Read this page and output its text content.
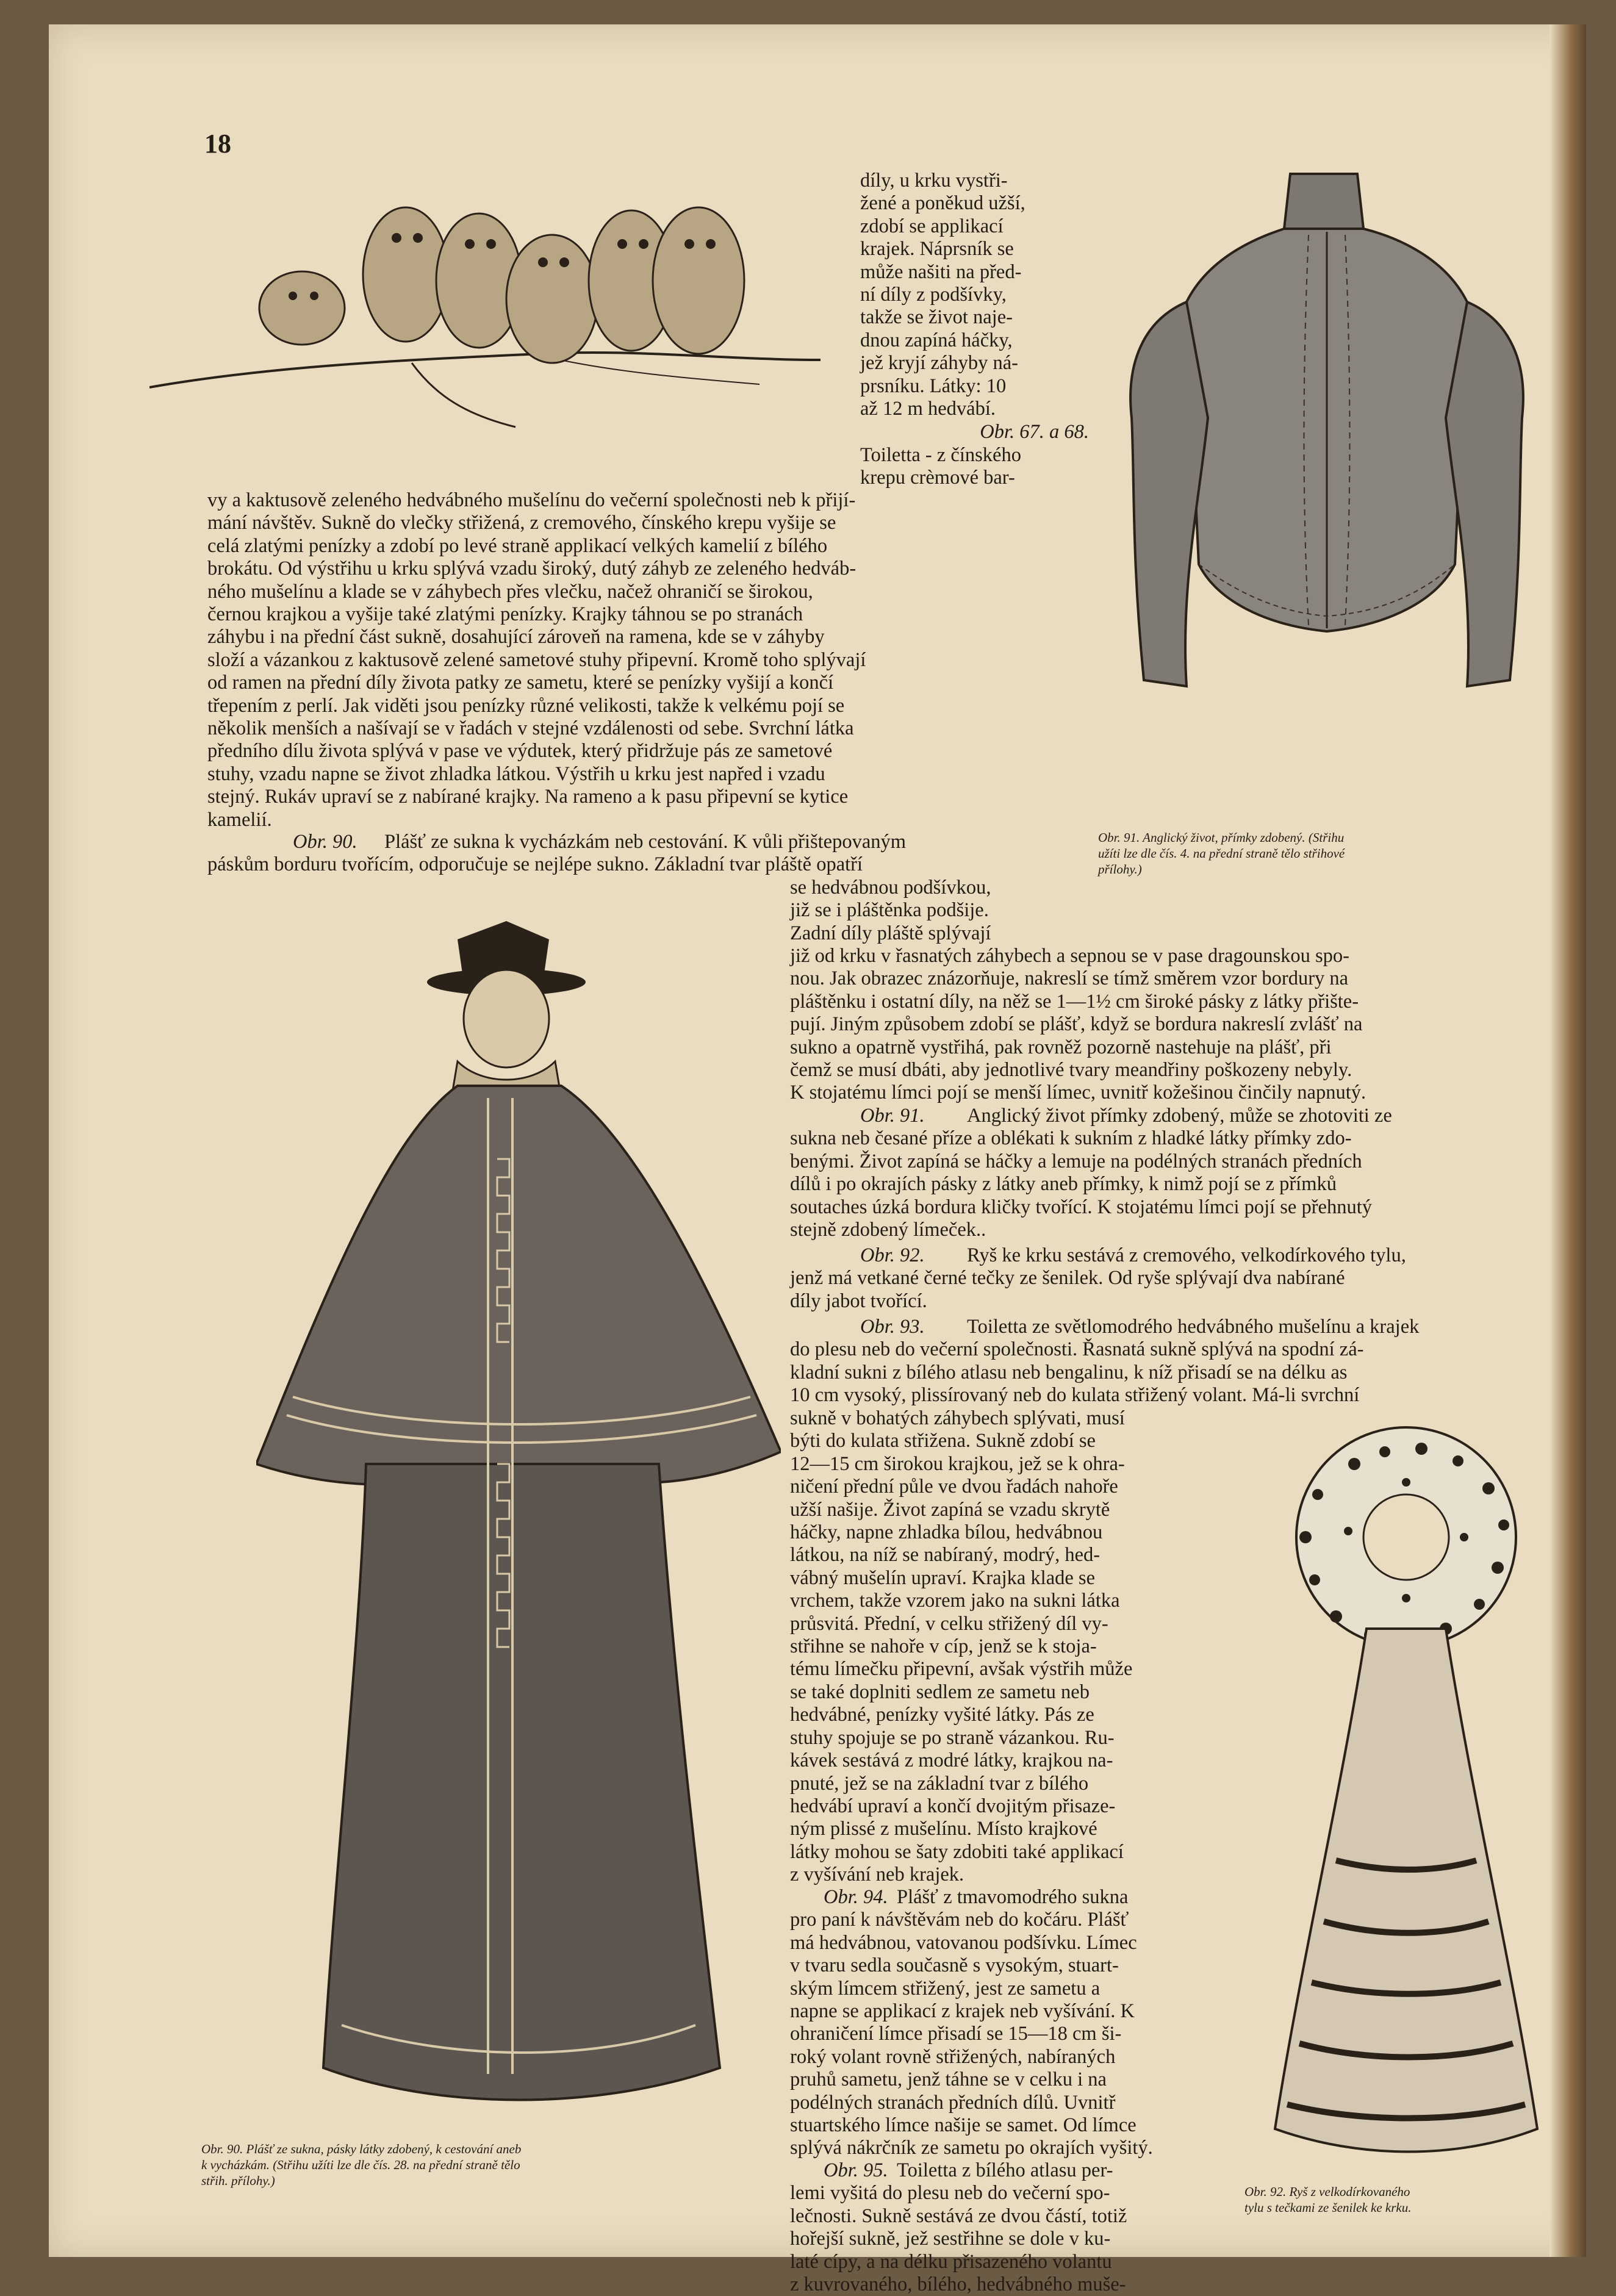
18
díly, u krku vystři-
žené a poněkud užší,
zdobí se applikací
krajek. Náprsník se
může našiti na před-
ní díly z podšívky,
takže se život naje-
dnou zapíná háčky,
jež kryjí záhyby ná-
prsníku. Látky: 10
až 12 m hedvábí.
Obr. 67. a 68.
Toiletta - z čínského
krepu crèmové bar-
Obr. 91. Anglický život, přímky zdobený. (Střihu
užíti lze dle čís. 4. na přední straně tělo střihové
přílohy.)
vy a kaktusově zeleného hedvábného mušelínu do večerní společnosti neb k přijí-
mání návštěv. Sukně do vlečky střižená, z cremového, čínského krepu vyšije se
celá zlatými penízky a zdobí po levé straně applikací velkých kamelií z bílého
brokátu. Od výstřihu u krku splývá vzadu široký, dutý záhyb ze zeleného hedváb-
ného mušelínu a klade se v záhybech přes vlečku, načež ohraničí se širokou,
černou krajkou a vyšije také zlatými penízky. Krajky táhnou se po stranách
záhybu i na přední část sukně, dosahující zároveň na ramena, kde se v záhyby
složí a vázankou z kaktusově zelené sametové stuhy připevní. Kromě toho splývají
od ramen na přední díly života patky ze sametu, které se penízky vyšijí a končí
třepením z perlí. Jak viděti jsou penízky různé velikosti, takže k velkému pojí se
několik menších a našívají se v řadách v stejné vzdálenosti od sebe. Svrchní látka
předního dílu života splývá v pase ve výdutek, který přidržuje pás ze sametové
stuhy, vzadu napne se život zhladka látkou. Výstřih u krku jest napřed i vzadu
stejný. Rukáv upraví se z nabírané krajky. Na rameno a k pasu připevní se kytice
kamelií.
Obr. 90.	Plášť ze sukna k vycházkám neb cestování. K vůli přištepovaným
páskům borduru tvořícím, odporučuje se nejlépe sukno. Základní tvar pláště opatří
se hedvábnou podšívkou,
již se i pláštěnka podšije.
Zadní díly pláště splývají
již od krku v řasnatých záhybech a sepnou se v pase dragounskou spo-
nou. Jak obrazec znázorňuje, nakreslí se tímž směrem vzor bordury na
pláštěnku i ostatní díly, na něž se 1—1½ cm široké pásky z látky přište-
pují. Jiným způsobem zdobí se plášť, když se bordura nakreslí zvlášť na
sukno a opatrně vystřihá, pak rovněž pozorně nastehuje na plášť, při
čemž se musí dbáti, aby jednotlivé tvary meandřiny poškozeny nebyly.
K stojatému límci pojí se menší límec, uvnitř kožešinou činčily napnutý.
Obr. 91.	Anglický život přímky zdobený, může se zhotoviti ze
sukna neb česané příze a oblékati k sukním z hladké látky přímky zdo-
benými. Život zapíná se háčky a lemuje na podélných stranách předních
dílů i po okrajích pásky z látky aneb přímky, k nimž pojí se z přímků
soutaches úzká bordura kličky tvořící. K stojatému límci pojí se přehnutý
stejně zdobený límeček..
Obr. 92.	Ryš ke krku sestává z cremového, velkodírkového tylu,
jenž má vetkané černé tečky ze šenilek. Od ryše splývají dva nabírané
díly jabot tvořící.
Obr. 93.	Toiletta ze světlomodrého hedvábného mušelínu a krajek
do plesu neb do večerní společnosti. Řasnatá sukně splývá na spodní zá-
kladní sukni z bílého atlasu neb bengalinu, k níž přisadí se na délku as
10 cm vysoký, plissírovaný neb do kulata střižený volant. Má-li svrchní
Obr. 90. Plášť ze sukna, pásky látky zdobený, k cestování aneb
k vycházkám. (Střihu užíti lze dle čís. 28. na přední straně tělo
střih. přílohy.)
sukně v bohatých záhybech splývati, musí
býti do kulata střižena. Sukně zdobí se
12—15 cm širokou krajkou, jež se k ohra-
ničení přední půle ve dvou řadách nahoře
užší našije. Život zapíná se vzadu skrytě
háčky, napne zhladka bílou, hedvábnou
látkou, na níž se nabíraný, modrý, hed-
vábný mušelín upraví. Krajka klade se
vrchem, takže vzorem jako na sukni látka
průsvitá. Přední, v celku střižený díl vy-
střihne se nahoře v cíp, jenž se k stoja-
tému límečku připevní, avšak výstřih může
se také doplniti sedlem ze sametu neb
hedvábné, penízky vyšité látky. Pás ze
stuhy spojuje se po straně vázankou. Ru-
kávek sestává z modré látky, krajkou na-
pnuté, jež se na základní tvar z bílého
hedvábí upraví a končí dvojitým přisaze-
ným plissé z mušelínu. Místo krajkové
látky mohou se šaty zdobiti také applikací
z vyšívání neb krajek.
Obr. 94. Plášť z tmavomodrého sukna
pro paní k návštěvám neb do kočáru. Plášť
má hedvábnou, vatovanou podšívku. Límec
v tvaru sedla současně s vysokým, stuart-
ským límcem střižený, jest ze sametu a
napne se applikací z krajek neb vyšívání. K
ohraničení límce přisadí se 15—18 cm ši-
roký volant rovně střižených, nabíraných
pruhů sametu, jenž táhne se v celku i na
podélných stranách předních dílů. Uvnitř
stuartského límce našije se samet. Od límce
splývá nákrčník ze sametu po okrajích vyšitý.
Obr. 95. Toiletta z bílého atlasu per-
lemi vyšitá do plesu neb do večerní spo-
lečnosti. Sukně sestává ze dvou částí, totiž
hořejší sukně, jež sestřihne se dole v ku-
laté cípy, a na délku přisazeného volantu
z kuvrovaného, bílého, hedvábného muše-
Obr. 92. Ryš z velkodírkovaného
tylu s tečkami ze šenilek ke krku.
